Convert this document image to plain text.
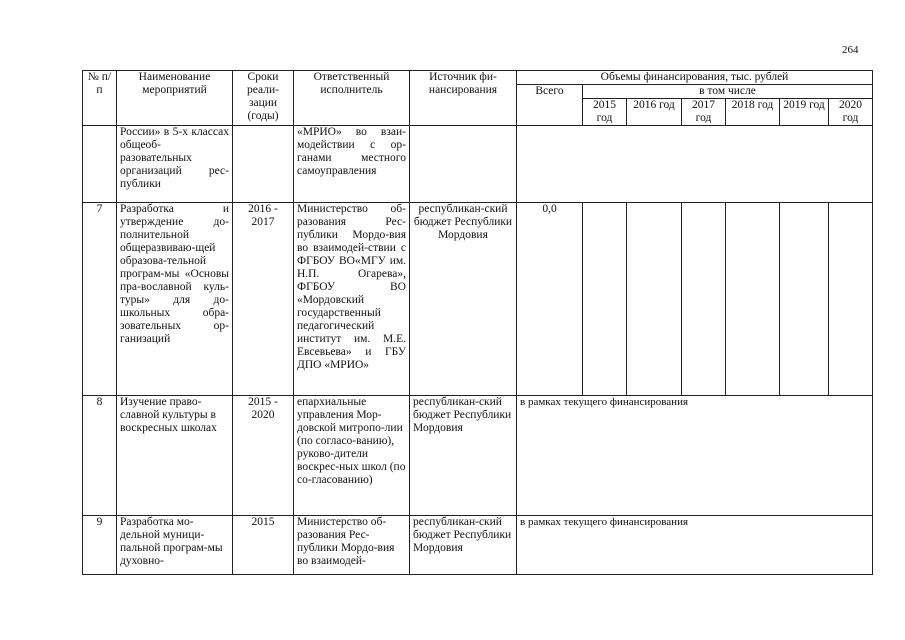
264
№ п/п	Наименование мероприятий	Сроки реали-зации (годы)	Ответственный исполнитель	Источник фи-нансирования	Объемы финансирования, тыс. рублей						
					Всего	в том числе					
						2015 год	2016 год	2017 год	2018 год	2019 год	2020 год
	России» в 5-х классах общеоб-разовательных организаций рес-публики		«МРИО» во взаи-модействии с ор-ганами местного самоуправления								
7	Разработка и утверждение до-полнительной общеразвиваю-щей образова-тельной програм-мы «Основы пра-вославной куль-туры» для до-школьных обра-зовательных ор-ганизаций	2016 - 2017	Министерство об-разования Рес-публики Мордо-вия во взаимодей-ствии с ФГБОУ ВО«МГУ им. Н.П. Огарева», ФГБОУ ВО «Мордовский государственный педагогический институт им. М.Е. Евсевьева» и ГБУ ДПО «МРИО»	республикан-ский бюджет Республики Мордовия	0,0						
8	Изучение право-славной культуры в воскресных школах	2015 - 2020	епархиальные управления Мор-довской митропо-лии (по согласо-ванию), руково-дители воскрес-ных школ (по со-гласованию)	республикан-ский бюджет Республики Мордовия	в рамках текущего финансирования						
9	Разработка мо-дельной муници-пальной програм-мы духовно-	2015	Министерство об-разования Рес-публики Мордо-вия во взаимодей-	республикан-ский бюджет Республики Мордовия	в рамках текущего финансирования						
